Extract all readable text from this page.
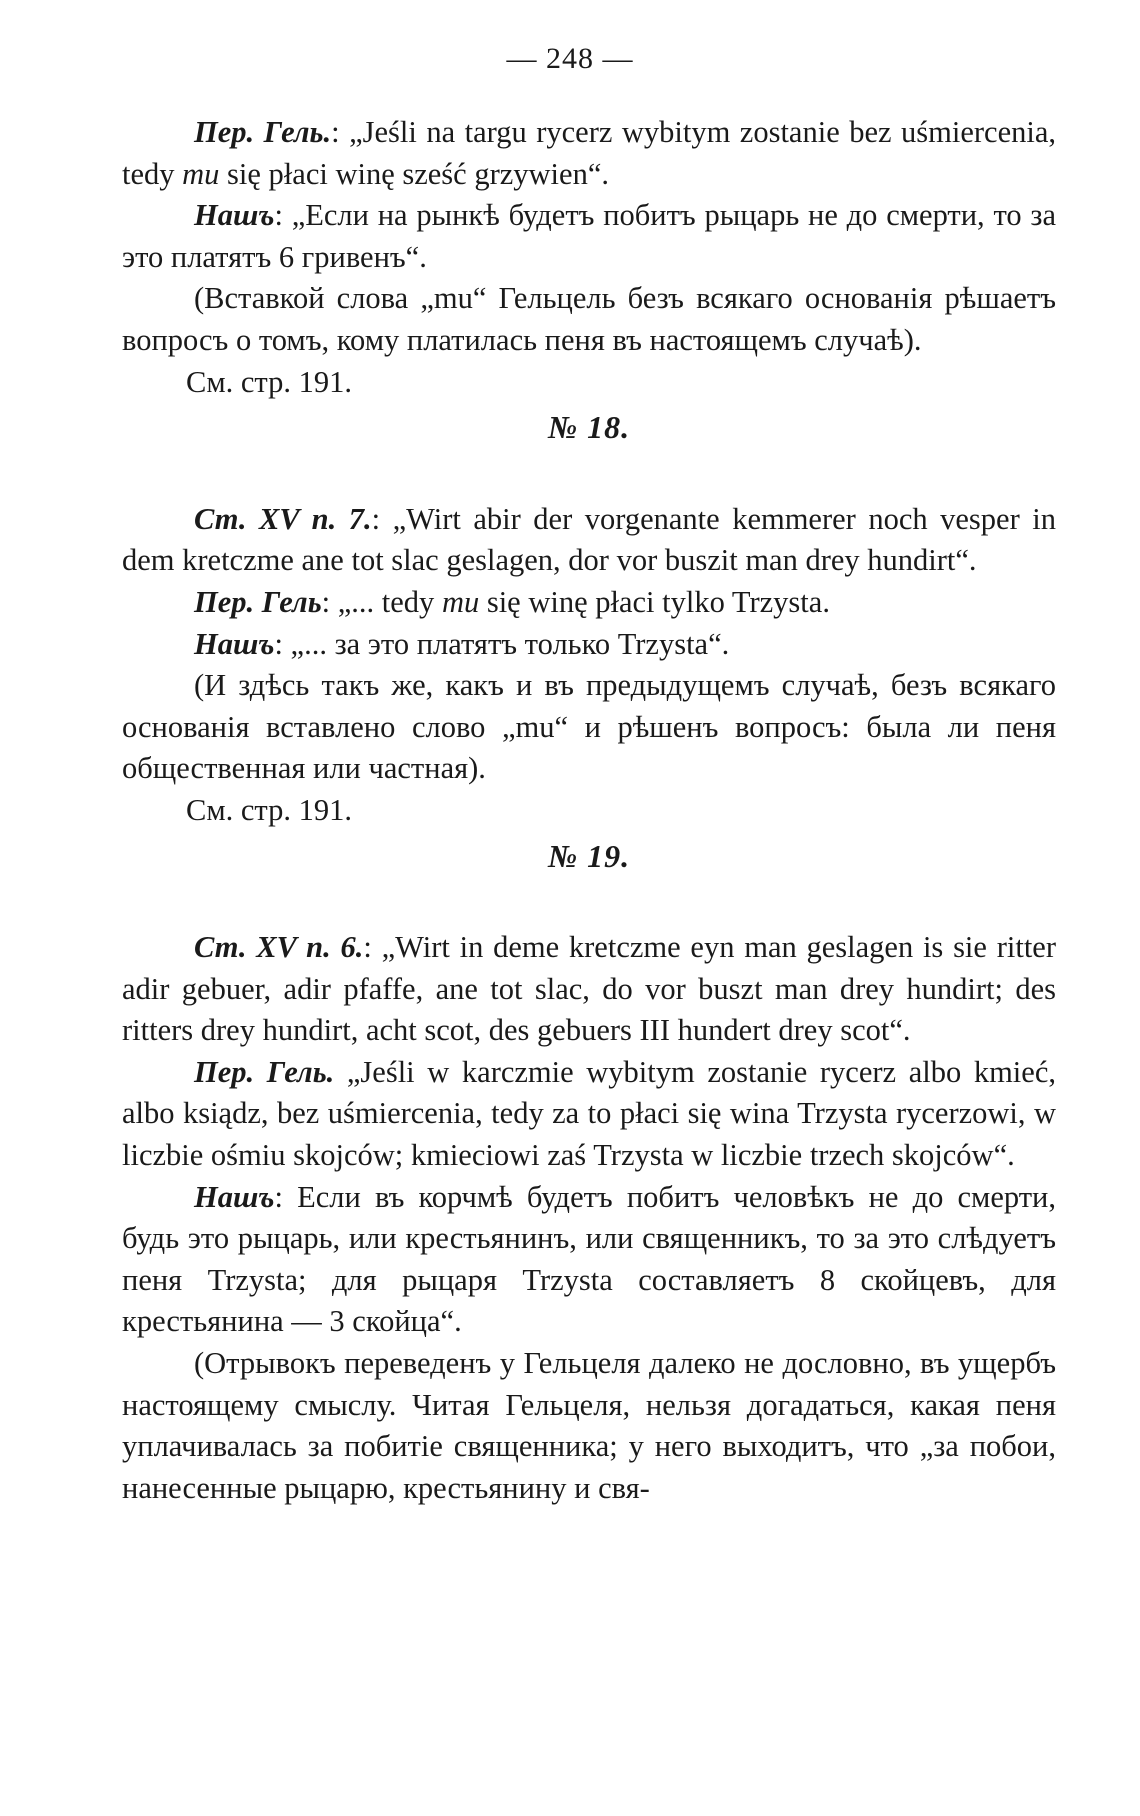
— 248 —

Пер. Гель.: „Jeśli na targu rycerz wybitym zostanie bez uśmiercenia, tedy mu się płaci winę sześć grzywien“.

Нашъ: „Если на рынкѣ будетъ побитъ рыцарь не до смерти, то за это платятъ 6 гривенъ“.

(Вставкой слова „mu“ Гельцель безъ всякаго основанія рѣшаетъ вопросъ о томъ, кому платилась пеня въ настоящемъ случаѣ).

См. стр. 191.
№ 18.

Ст. XV п. 7.: „Wirt abir der vorgenante kemmerer noch vesper in dem kretczme ane tot slac geslagen, dor vor buszit man drey hundirt“.

Пер. Гель: „... tedy mu się winę płaci tylko Trzysta.

Нашъ: „... за это платятъ только Trzysta“.

(И здѣсь такъ же, какъ и въ предыдущемъ случаѣ, безъ всякаго основанія вставлено слово „mu“ и рѣшенъ вопросъ: была ли пеня общественная или частная).

См. стр. 191.
№ 19.

Ст. XV п. 6.: „Wirt in deme kretczme eyn man geslagen is sie ritter adir gebuer, adir pfaffe, ane tot slac, do vor buszt man drey hundirt; des ritters drey hundirt, acht scot, des gebuers III hundert drey scot“.

Пер. Гель. „Jeśli w karczmie wybitym zostanie rycerz albo kmieć, albo ksiądz, bez uśmiercenia, tedy za to płaci się wina Trzysta rycerzowi, w liczbie ośmiu skojców; kmieciowi zaś Trzysta w liczbie trzech skojców“.

Нашъ: Если въ корчмѣ будетъ побитъ человѣкъ не до смерти, будь это рыцарь, или крестьянинъ, или священникъ, то за это слѣдуетъ пеня Trzysta; для рыцаря Trzysta составляетъ 8 скойцевъ, для крестьянина — 3 скойца“.

(Отрывокъ переведенъ у Гельцеля далеко не дословно, въ ущербъ настоящему смыслу. Читая Гельцеля, нельзя догадаться, какая пеня уплачивалась за побитіе священника; у него выходитъ, что „за побои, нанесенные рыцарю, крестьянину и свя-
